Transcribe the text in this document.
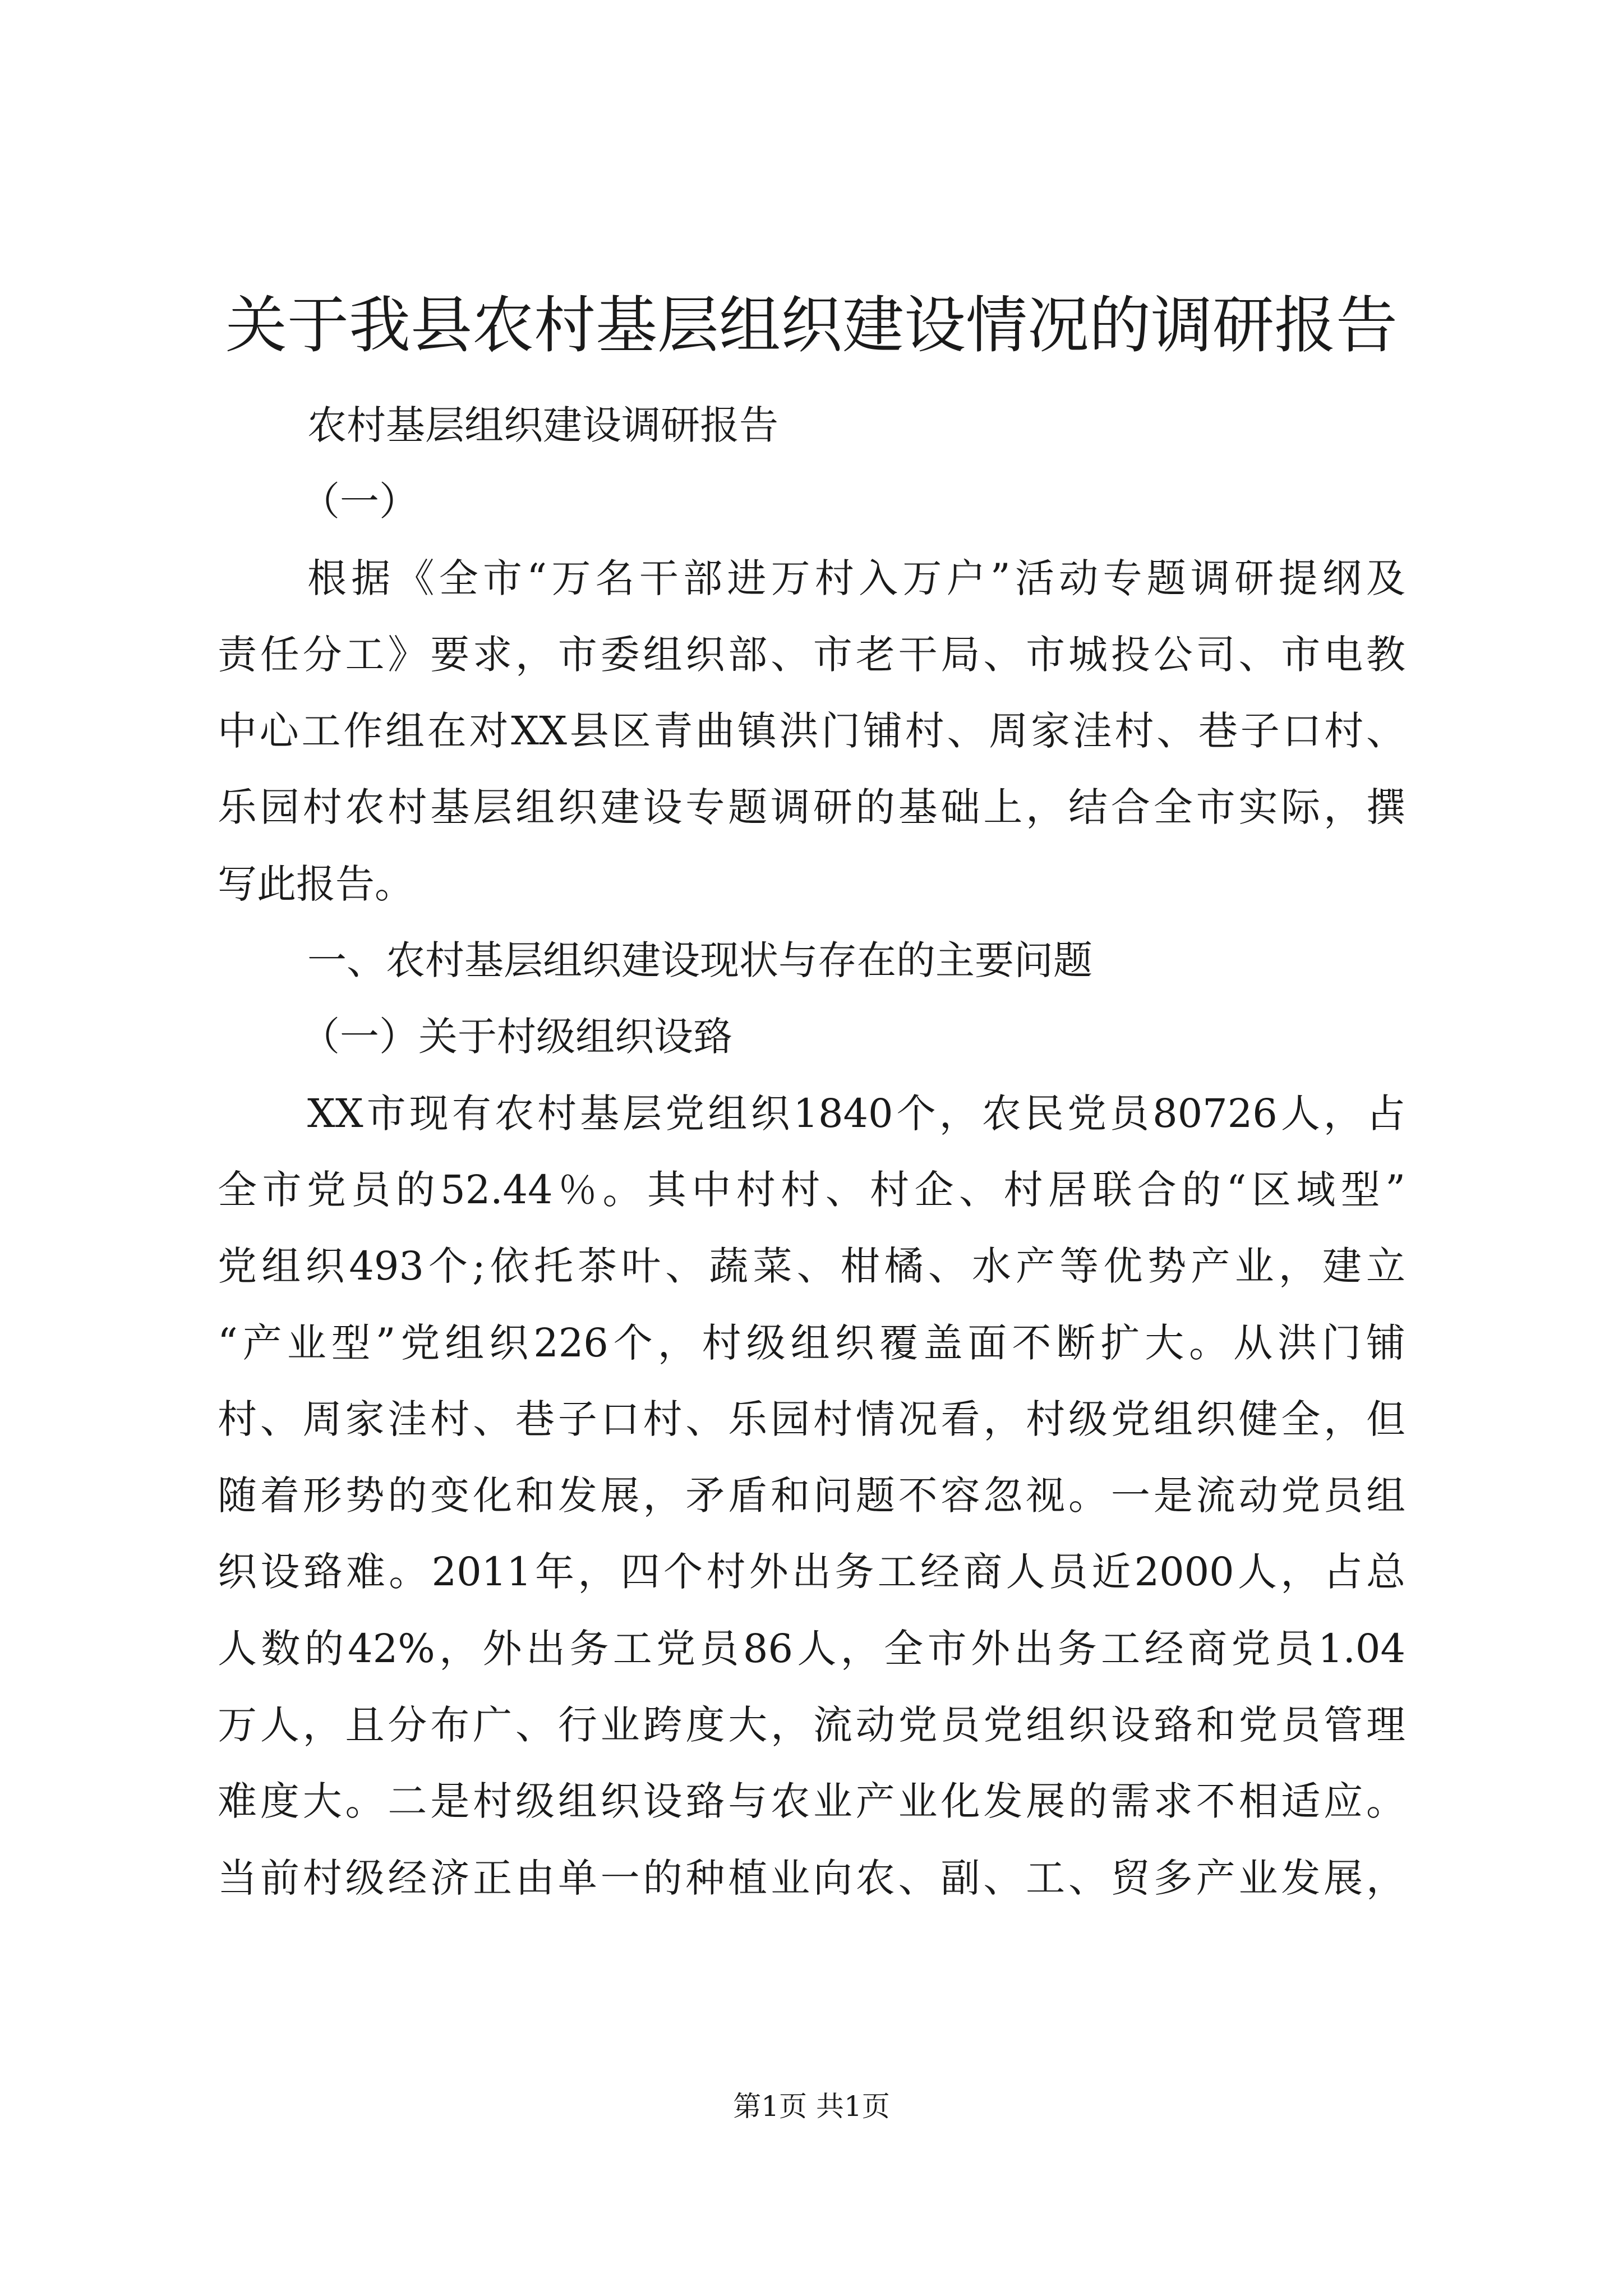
关于我县农村基层组织建设情况的调研报告
农村基层组织建设调研报告
（一）
根据《全市“万名干部进万村入万户”活动专题调研提纲及
责任分工》要求，市委组织部、市老干局、市城投公司、市电教
中心工作组在对XX县区青曲镇洪门铺村、周家洼村、巷子口村、
乐园村农村基层组织建设专题调研的基础上，结合全市实际，撰
写此报告。
一、农村基层组织建设现状与存在的主要问题
（一）关于村级组织设臵
XX市现有农村基层党组织1840个，农民党员80726人，占
全市党员的52.44％。其中村村、村企、村居联合的“区域型”
党组织493个;依托茶叶、蔬菜、柑橘、水产等优势产业，建立
“产业型”党组织226个，村级组织覆盖面不断扩大。从洪门铺
村、周家洼村、巷子口村、乐园村情况看，村级党组织健全，但
随着形势的变化和发展，矛盾和问题不容忽视。一是流动党员组
织设臵难。2011年，四个村外出务工经商人员近2000人，占总
人数的42%，外出务工党员86人，全市外出务工经商党员1.04
万人，且分布广、行业跨度大，流动党员党组织设臵和党员管理
难度大。二是村级组织设臵与农业产业化发展的需求不相适应。
当前村级经济正由单一的种植业向农、副、工、贸多产业发展，
第1页 共1页
